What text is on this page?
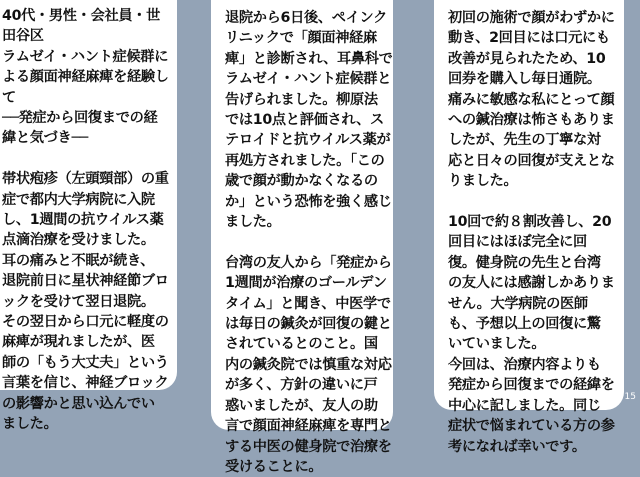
40代・男性・会社員・世
田谷区
ラムゼイ・ハント症候群に
よる顔面神経麻痺を経験し
て
──発症から回復までの経
緯と気づき──
帯状疱疹（左頭頸部）の重
症で都内大学病院に入院
し、1週間の抗ウイルス薬
点滴治療を受けました。
耳の痛みと不眠が続き、
退院前日に星状神経節ブロ
ックを受けて翌日退院。
その翌日から口元に軽度の
麻痺が現れましたが、医
師の「もう大丈夫」という
言葉を信じ、神経ブロック
の影響かと思い込んでい
ました。
退院から6日後、ペインク
リニックで「顔面神経麻
痺」と診断され、耳鼻科で
ラムゼイ・ハント症候群と
告げられました。柳原法
では10点と評価され、ス
テロイドと抗ウイルス薬が
再処方されました。「この
歳で顔が動かなくなるの
か」という恐怖を強く感じ
ました。
台湾の友人から「発症から
1週間が治療のゴールデン
タイム」と聞き、中医学で
は毎日の鍼灸が回復の鍵と
されているとのこと。国
内の鍼灸院では慎重な対応
が多く、方針の違いに戸
惑いましたが、友人の助
言で顔面神経麻痺を専門と
する中医の健身院で治療を
受けることに。
初回の施術で顔がわずかに
動き、2回目には口元にも
改善が見られたため、10
回券を購入し毎日通院。
痛みに敏感な私にとって顔
への鍼治療は怖さもありま
したが、先生の丁寧な対
応と日々の回復が支えとな
りました。
10回で約８割改善し、20
回目にはほぼ完全に回
復。健身院の先生と台湾
の友人には感謝しかありま
せん。大学病院の医師
も、予想以上の回復に驚
いていました。
今回は、治療内容よりも
発症から回復までの経緯を
中心に記しました。同じ
症状で悩まれている方の参
考になれば幸いです。
15
